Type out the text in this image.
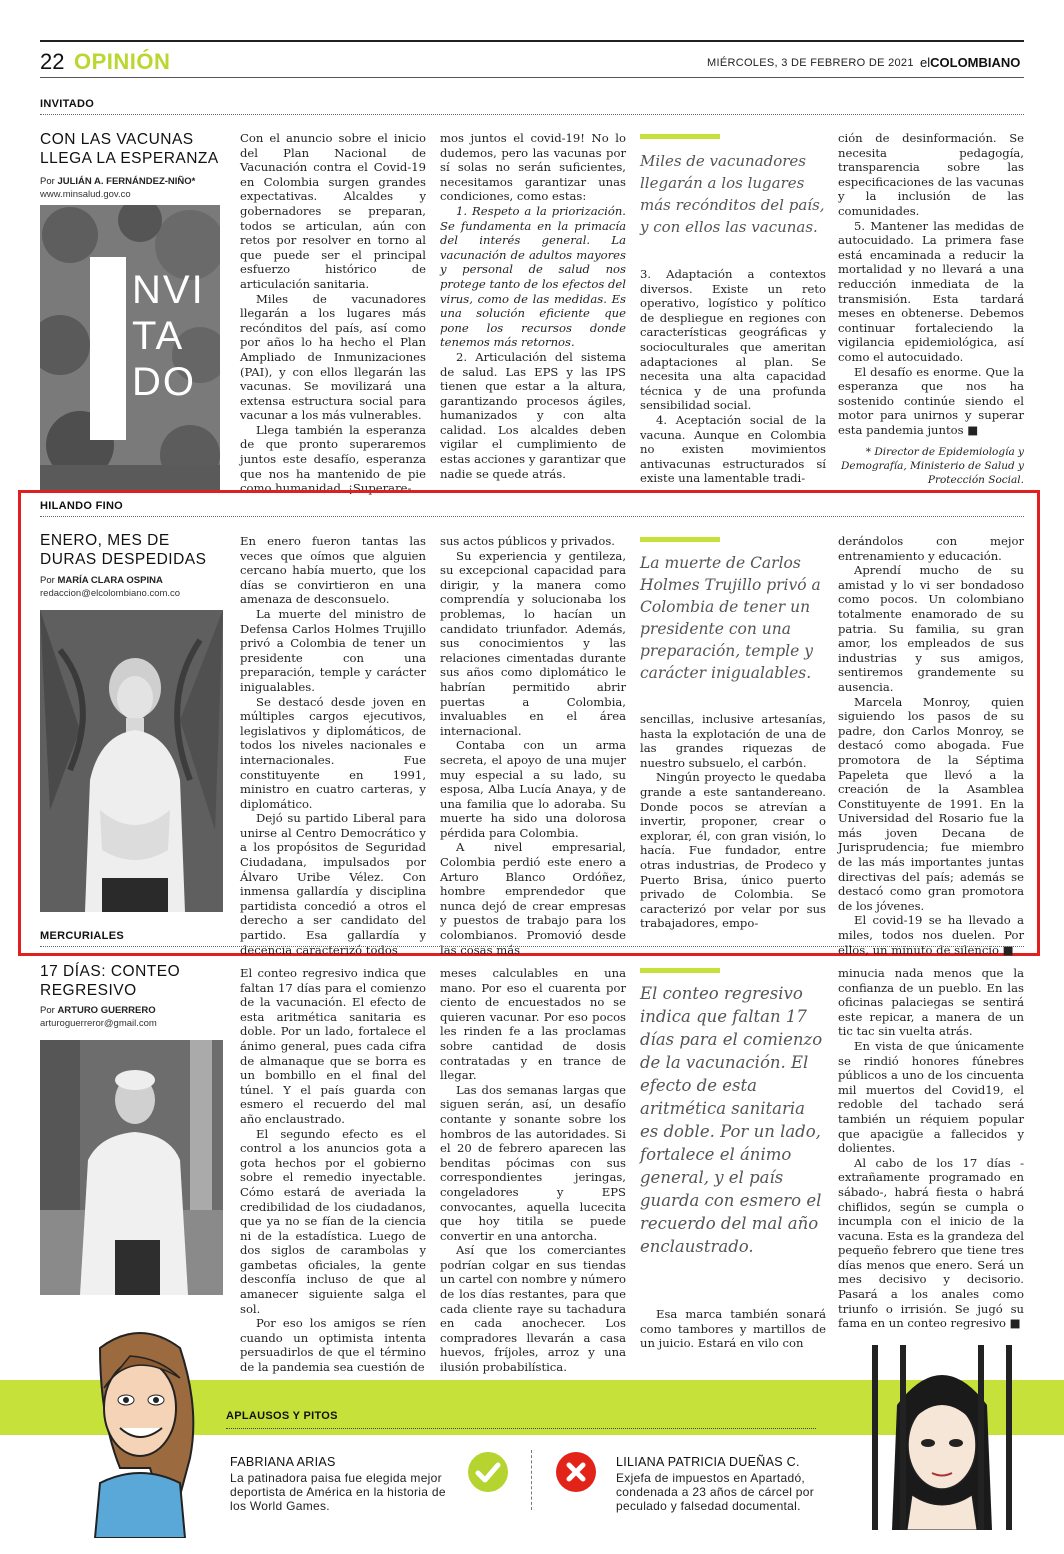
22 OPINIÓN	MIÉRCOLES, 3 DE FEBRERO DE 2021 elCOLOMBIANO
INVITADO
CON LAS VACUNAS LLEGA LA ESPERANZA
Por JULIÁN A. FERNÁNDEZ-NIÑO*
www.minsalud.gov.co
NVI
TA
DO

Con el anuncio sobre el inicio del Plan Nacional de Vacunación contra el Covid-19 en Colombia surgen grandes expectativas. Alcaldes y gobernadores se preparan, todos se articulan, aún con retos por resolver en torno al que puede ser el principal esfuerzo histórico de articulación sanitaria.

Miles de vacunadores llegarán a los lugares más recónditos del país, así como por años lo ha hecho el Plan Ampliado de Inmunizaciones (PAI), y con ellos llegarán las vacunas. Se movilizará una extensa estructura social para vacunar a los más vulnerables.

Llega también la esperanza de que pronto superaremos juntos este desafío, esperanza que nos ha mantenido de pie como humanidad. ¡Superare-

mos juntos el covid-19! No lo dudemos, pero las vacunas por sí solas no serán suficientes, necesitamos garantizar unas condiciones, como estas:

1. Respeto a la priorización. Se fundamenta en la primacía del interés general. La vacunación de adultos mayores y personal de salud nos protege tanto de los efectos del virus, como de las medidas. Es una solución eficiente que pone los recursos donde tenemos más retornos.

2. Articulación del sistema de salud. Las EPS y las IPS tienen que estar a la altura, garantizando procesos ágiles, humanizados y con alta calidad. Los alcaldes deben vigilar el cumplimiento de estas acciones y garantizar que nadie se quede atrás.

Miles de vacunadores llegarán a los lugares más recónditos del país, y con ellos las vacunas.

3. Adaptación a contextos diversos. Existe un reto operativo, logístico y político de despliegue en regiones con características geográficas y socioculturales que ameritan adaptaciones al plan. Se necesita una alta capacidad técnica y de una profunda sensibilidad social.

4. Aceptación social de la vacuna. Aunque en Colombia no existen movimientos antivacunas estructurados sí existe una lamentable tradi-

ción de desinformación. Se necesita pedagogía, transparencia sobre las especificaciones de las vacunas y la inclusión de las comunidades.

5. Mantener las medidas de autocuidado. La primera fase está encaminada a reducir la mortalidad y no llevará a una reducción inmediata de la transmisión. Esta tardará meses en obtenerse. Debemos continuar fortaleciendo la vigilancia epidemiológica, así como el autocuidado.

El desafío es enorme. Que la esperanza que nos ha sostenido continúe siendo el motor para unirnos y superar esta pandemia juntos ■

* Director de Epidemiología y Demografía, Ministerio de Salud y Protección Social.
HILANDO FINO
ENERO, MES DE
DURAS DESPEDIDAS
Por MARÍA CLARA OSPINA
redaccion@elcolombiano.com.co

En enero fueron tantas las veces que oímos que alguien cercano había muerto, que los días se convirtieron en una amenaza de desconsuelo.

La muerte del ministro de Defensa Carlos Holmes Trujillo privó a Colombia de tener un presidente con una preparación, temple y carácter inigualables.

Se destacó desde joven en múltiples cargos ejecutivos, legislativos y diplomáticos, de todos los niveles nacionales e internacionales. Fue constituyente en 1991, ministro en cuatro carteras, y diplomático.

Dejó su partido Liberal para unirse al Centro Democrático y a los propósitos de Seguridad Ciudadana, impulsados por Álvaro Uribe Vélez. Con inmensa gallardía y disciplina partidista concedió a otros el derecho a ser candidato del partido. Esa gallardía y decencia caracterizó todos

sus actos públicos y privados.

Su experiencia y gentileza, su excepcional capacidad para dirigir, y la manera como comprendía y solucionaba los problemas, lo hacían un candidato triunfador. Además, sus conocimientos y las relaciones cimentadas durante sus años como diplomático le habrían permitido abrir puertas a Colombia, invaluables en el área internacional.

Contaba con un arma secreta, el apoyo de una mujer muy especial a su lado, su esposa, Alba Lucía Anaya, y de una familia que lo adoraba. Su muerte ha sido una dolorosa pérdida para Colombia.

A nivel empresarial, Colombia perdió este enero a Arturo Blanco Ordóñez, hombre emprendedor que nunca dejó de crear empresas y puestos de trabajo para los colombianos. Promovió desde las cosas más

La muerte de Carlos Holmes Trujillo privó a Colombia de tener un presidente con una preparación, temple y carácter inigualables.

sencillas, inclusive artesanías, hasta la explotación de una de las grandes riquezas de nuestro subsuelo, el carbón.

Ningún proyecto le quedaba grande a este santandereano. Donde pocos se atrevían a invertir, proponer, crear o explorar, él, con gran visión, lo hacía. Fue fundador, entre otras industrias, de Prodeco y Puerto Brisa, único puerto privado de Colombia. Se caracterizó por velar por sus trabajadores, empo-

derándolos con mejor entrenamiento y educación.

Aprendí mucho de su amistad y lo vi ser bondadoso como pocos. Un colombiano totalmente enamorado de su patria. Su familia, su gran amor, los empleados de sus industrias y sus amigos, sentiremos grandemente su ausencia.

Marcela Monroy, quien siguiendo los pasos de su padre, don Carlos Monroy, se destacó como abogada. Fue promotora de la Séptima Papeleta que llevó a la creación de la Asamblea Constituyente de 1991. En la Universidad del Rosario fue la más joven Decana de Jurisprudencia; fue miembro de las más importantes juntas directivas del país; además se destacó como gran promotora de los jóvenes.

El covid-19 se ha llevado a miles, todos nos duelen. Por ellos, un minuto de silencio ■

MERCURIALES
17 DÍAS: CONTEO
REGRESIVO
Por ARTURO GUERRERO
arturoguerreror@gmail.com

El conteo regresivo indica que faltan 17 días para el comienzo de la vacunación. El efecto de esta aritmética sanitaria es doble. Por un lado, fortalece el ánimo general, pues cada cifra de almanaque que se borra es un bombillo en el final del túnel. Y el país guarda con esmero el recuerdo del mal año enclaustrado.

El segundo efecto es el control a los anuncios gota a gota hechos por el gobierno sobre el remedio inyectable. Cómo estará de averiada la credibilidad de los ciudadanos, que ya no se fían de la ciencia ni de la estadística. Luego de dos siglos de carambolas y gambetas oficiales, la gente desconfía incluso de que al amanecer siguiente salga el sol.

Por eso los amigos se ríen cuando un optimista intenta persuadirlos de que el término de la pandemia sea cuestión de

meses calculables en una mano. Por eso el cuarenta por ciento de encuestados no se quieren vacunar. Por eso pocos les rinden fe a las proclamas sobre cantidad de dosis contratadas y en trance de llegar.

Las dos semanas largas que siguen serán, así, un desafío contante y sonante sobre los hombros de las autoridades. Si el 20 de febrero aparecen las benditas pócimas con sus correspondientes jeringas, congeladores y EPS convocantes, aquella lucecita que hoy titila se puede convertir en una antorcha.

Así que los comerciantes podrían colgar en sus tiendas un cartel con nombre y número de los días restantes, para que cada cliente raye su tachadura en cada anochecer. Los compradores llevarán a casa huevos, fríjoles, arroz y una ilusión probabilística.

El conteo regresivo indica que faltan 17 días para el comienzo de la vacunación. El efecto de esta aritmética sanitaria es doble. Por un lado, fortalece el ánimo general, y el país guarda con esmero el recuerdo del mal año enclaustrado.

Esa marca también sonará como tambores y martillos de un juicio. Estará en vilo con

minucia nada menos que la confianza de un pueblo. En las oficinas palaciegas se sentirá este repicar, a manera de un tic tac sin vuelta atrás.

En vista de que únicamente se rindió honores fúnebres públicos a uno de los cincuenta mil muertos del Covid19, el redoble del tachado será también un réquiem popular que apacigüe a fallecidos y dolientes.

Al cabo de los 17 días -extrañamente programado en sábado-, habrá fiesta o habrá chiflidos, según se cumpla o incumpla con el inicio de la vacuna. Esta es la grandeza del pequeño febrero que tiene tres días menos que enero. Será un mes decisivo y decisorio. Pasará a los anales como triunfo o irrisión. Se jugó su fama en un conteo regresivo ■

APLAUSOS Y PITOS
FABRIANA ARIAS
La patinadora paisa fue elegida mejor deportista de América en la historia de los World Games.
LILIANA PATRICIA DUEÑAS C.
Exjefa de impuestos en Apartadó, condenada a 23 años de cárcel por peculado y falsedad documental.
